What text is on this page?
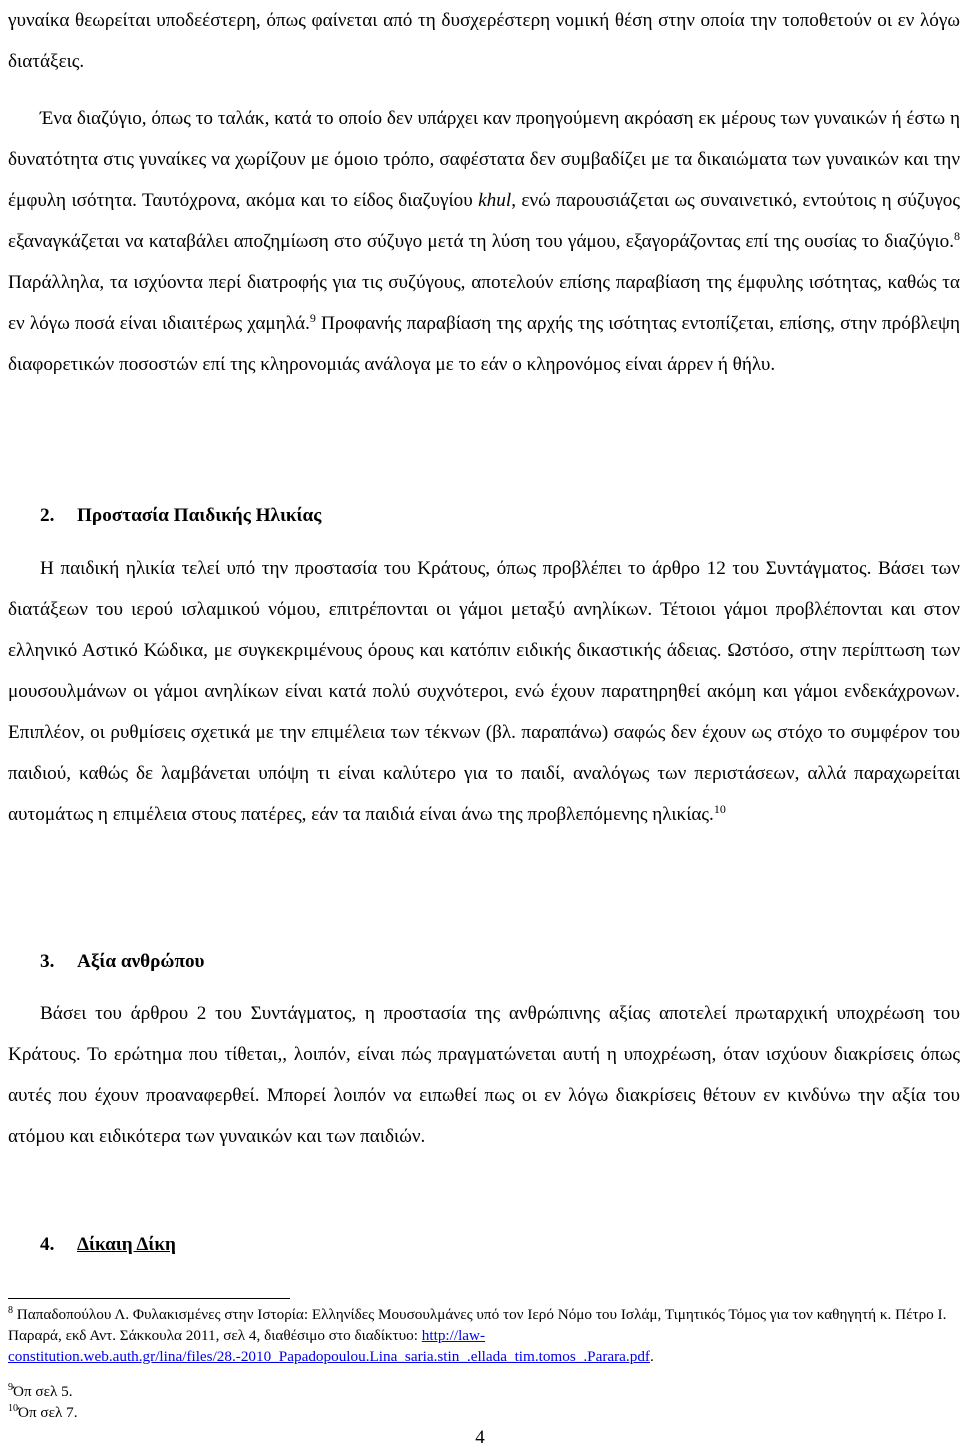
γυναίκα θεωρείται υποδεέστερη, όπως φαίνεται από τη δυσχερέστερη νομική θέση στην οποία την τοποθετούν οι εν λόγω διατάξεις.

Ένα διαζύγιο, όπως το ταλάκ, κατά το οποίο δεν υπάρχει καν προηγούμενη ακρόαση εκ μέρους των γυναικών ή έστω η δυνατότητα στις γυναίκες να χωρίζουν με όμοιο τρόπο, σαφέστατα δεν συμβαδίζει με τα δικαιώματα των γυναικών και την έμφυλη ισότητα. Ταυτόχρονα, ακόμα και το είδος διαζυγίου khul, ενώ παρουσιάζεται ως συναινετικό, εντούτοις η σύζυγος εξαναγκάζεται να καταβάλει αποζημίωση στο σύζυγο μετά τη λύση του γάμου, εξαγοράζοντας επί της ουσίας το διαζύγιο.$^8$ Παράλληλα, τα ισχύοντα περί διατροφής για τις συζύγους, αποτελούν επίσης παραβίαση της έμφυλης ισότητας, καθώς τα εν λόγω ποσά είναι ιδιαιτέρως χαμηλά.$^9$ Προφανής παραβίαση της αρχής της ισότητας εντοπίζεται, επίσης, στην πρόβλεψη διαφορετικών ποσοστών επί της κληρονομιάς ανάλογα με το εάν ο κληρονόμος είναι άρρεν ή θήλυ.

2. Προστασία Παιδικής Ηλικίας

Η παιδική ηλικία τελεί υπό την προστασία του Κράτους, όπως προβλέπει το άρθρο 12 του Συντάγματος. Βάσει των διατάξεων του ιερού ισλαμικού νόμου, επιτρέπονται οι γάμοι μεταξύ ανηλίκων. Τέτοιοι γάμοι προβλέπονται και στον ελληνικό Αστικό Κώδικα, με συγκεκριμένους όρους και κατόπιν ειδικής δικαστικής άδειας. Ωστόσο, στην περίπτωση των μουσουλμάνων οι γάμοι ανηλίκων είναι κατά πολύ συχνότεροι, ενώ έχουν παρατηρηθεί ακόμη και γάμοι ενδεκάχρονων. Επιπλέον, οι ρυθμίσεις σχετικά με την επιμέλεια των τέκνων (βλ. παραπάνω) σαφώς δεν έχουν ως στόχο το συμφέρον του παιδιού, καθώς δε λαμβάνεται υπόψη τι είναι καλύτερο για το παιδί, αναλόγως των περιστάσεων, αλλά παραχωρείται αυτομάτως η επιμέλεια στους πατέρες, εάν τα παιδιά είναι άνω της προβλεπόμενης ηλικίας.$^{10}$

3. Αξία ανθρώπου

Βάσει του άρθρου 2 του Συντάγματος, η προστασία της ανθρώπινης αξίας αποτελεί πρωταρχική υποχρέωση του Κράτους. Το ερώτημα που τίθεται,, λοιπόν, είναι πώς πραγματώνεται αυτή η υποχρέωση, όταν ισχύουν διακρίσεις όπως αυτές που έχουν προαναφερθεί. Μπορεί λοιπόν να ειπωθεί πως οι εν λόγω διακρίσεις θέτουν εν κινδύνω την αξία του ατόμου και ειδικότερα των γυναικών και των παιδιών.

4. Δίκαιη Δίκη

$^8$ Παπαδοπούλου Λ. Φυλακισμένες στην Ιστορία: Ελληνίδες Μουσουλμάνες υπό τον Ιερό Νόμο του Ισλάμ, Τιμητικός Τόμος για τον καθηγητή κ. Πέτρο Ι. Παραρά, εκδ Αντ. Σάκκουλα 2011, σελ 4, διαθέσιμο στο διαδίκτυο: http://law-constitution.web.auth.gr/lina/files/28.-2010_Papadopoulou.Lina_saria.stin_.ellada_tim.tomos_.Parara.pdf.

$^9$Όπ σελ 5.

$^{10}$Όπ σελ 7.

4
